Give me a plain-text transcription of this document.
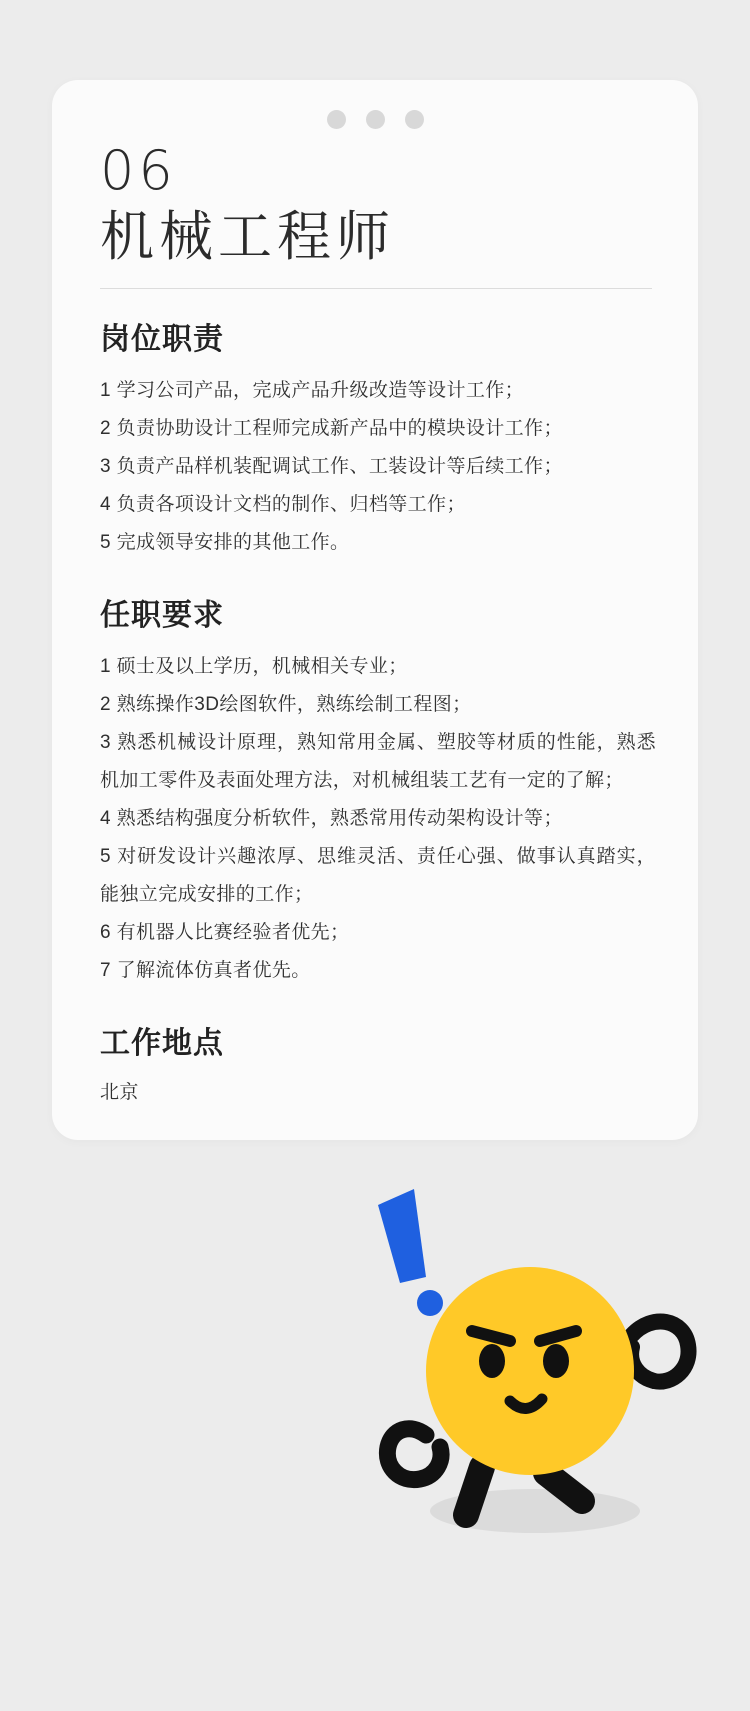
06
机械工程师
岗位职责
1 学习公司产品，完成产品升级改造等设计工作；
2 负责协助设计工程师完成新产品中的模块设计工作；
3 负责产品样机装配调试工作、工装设计等后续工作；
4 负责各项设计文档的制作、归档等工作；
5 完成领导安排的其他工作。
任职要求
1 硕士及以上学历，机械相关专业；
2 熟练操作3D绘图软件，熟练绘制工程图；
3 熟悉机械设计原理，熟知常用金属、塑胶等材质的性能，熟悉机加工零件及表面处理方法，对机械组装工艺有一定的了解；
4 熟悉结构强度分析软件，熟悉常用传动架构设计等；
5 对研发设计兴趣浓厚、思维灵活、责任心强、做事认真踏实，能独立完成安排的工作；
6 有机器人比赛经验者优先；
7 了解流体仿真者优先。
工作地点
北京
